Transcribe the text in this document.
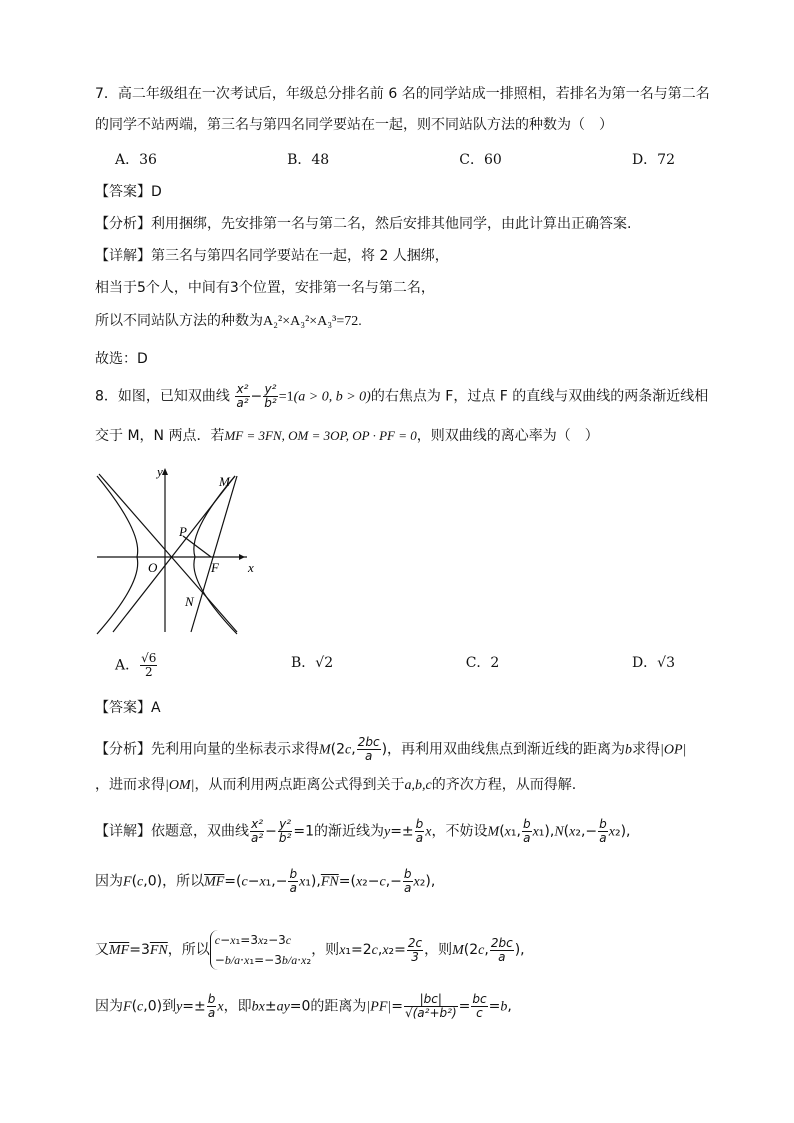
7．高二年级组在一次考试后，年级总分排名前 6 名的同学站成一排照相，若排名为第一名与第二名
的同学不站两端，第三名与第四名同学要站在一起，则不同站队方法的种数为（　）
A．36	B．48	C．60	D．72
【答案】D
【分析】利用捆绑，先安排第一名与第二名，然后安排其他同学，由此计算出正确答案.
【详解】第三名与第四名同学要站在一起，将 2 人捆绑，
相当于5个人，中间有3个位置，安排第一名与第二名，
所以不同站队方法的种数为A₂²×A₃²×A₃³=72.
故选：D
8．如图，已知双曲线 $\frac{\text{x²}}{\text{a²}} - \frac{\text{y²}}{\text{b²}} =1(a > 0$, b > 0)的右焦点为 F，过点 F 的直线与双曲线的两条渐近线相
交于 M，N 两点．若MF = 3FN, OM = 3OP, OP · PF = 0，则双曲线的离心率为（　）
y
x
O	F
M
N
P
A． $\frac{√6}{2}$	B．√2	C．2	D．√3
【答案】A
【分析】先利用向量的坐标表示求得M(2c, $\frac{2bc}{a}$ )，再利用双曲线焦点到渐近线的距离为b求得|OP|
，进而求得|OM|，从而利用两点距离公式得到关于a,b,c的齐次方程，从而得解.
【详解】依题意，双曲线 $\frac{\text{x²}}{\text{a²}} - \frac{\text{y²}}{\text{b²}} =1$的渐近线为$y=\pm \frac{b}{a}$ x，不妨设M(x₁, $\frac{b}{a} x_1),N(x_2,- \frac{b}{a} x_2)$,
因为F(c,0)，所以$\overline{MF}=(c-x_1,- \frac{b}{a} x_1),\overline{FN}=(x_2-c,- \frac{b}{a} x_2)$,
又$\overline{MF}=3\overline{FN}$，所以c−x₁=3x₂−3c
−b/a·x₁=−3b/a·x₂，则$x_1=2c,x_2= \frac{2c}{3}$ ，则M(2c, $\frac{2bc}{a}$ ),
因为F(c,0)到$y=\pm \frac{b}{a}$ x，即bx±ay=0的距离为$|PF|= \frac{|bc|}{\text{√(a²+b²)}} = \frac{bc}{c} =b$,
